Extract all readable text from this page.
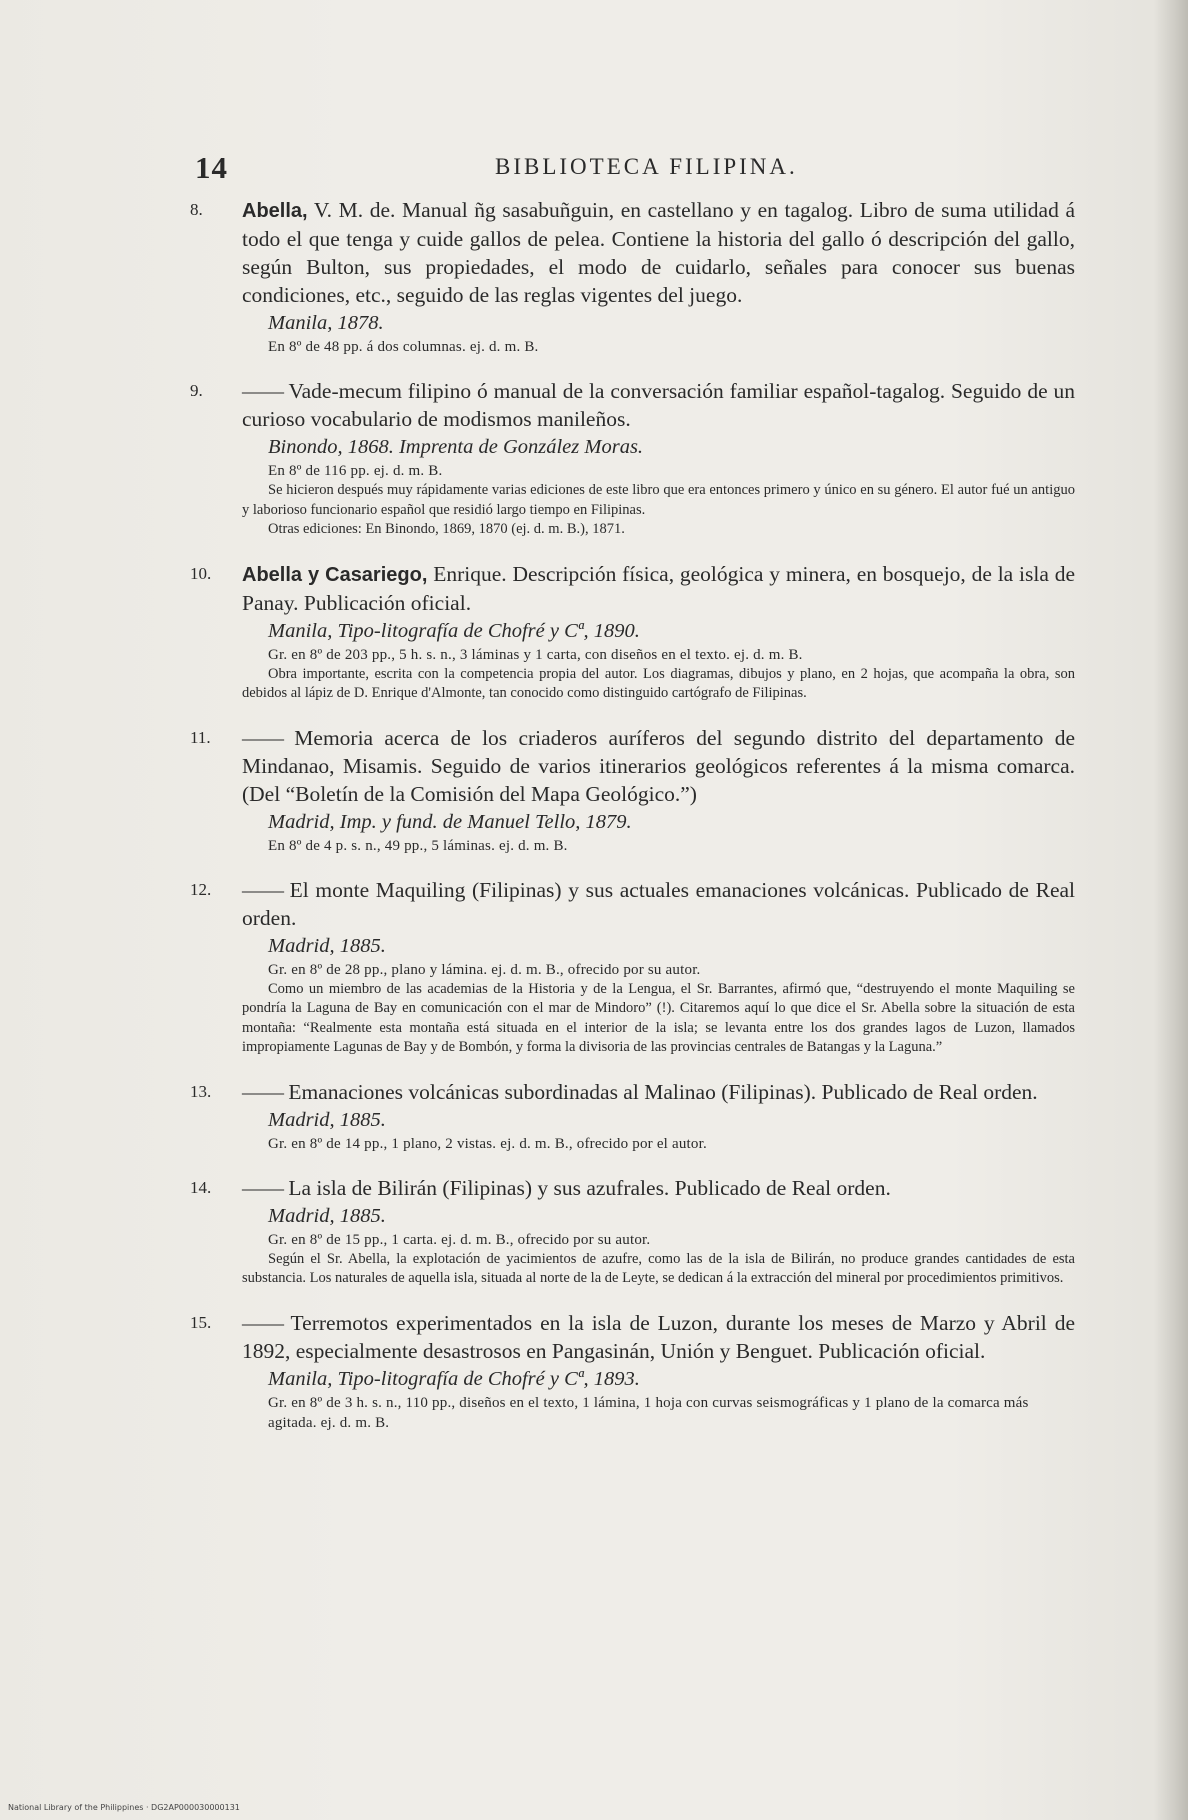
14	BIBLIOTECA FILIPINA.
8. Abella, V. M. de. Manual ñg sasabuñguin, en castellano y en tagalog. Libro de suma utilidad á todo el que tenga y cuide gallos de pelea. Contiene la historia del gallo ó descripción del gallo, según Bulton, sus propiedades, el modo de cuidarlo, señales para conocer sus buenas condiciones, etc., seguido de las reglas vigentes del juego.
Manila, 1878.
En 8º de 48 pp. á dos columnas. ej. d. m. B.
9. —— Vade-mecum filipino ó manual de la conversación familiar español-tagalog. Seguido de un curioso vocabulario de modismos manileños.
Binondo, 1868. Imprenta de González Moras.
En 8º de 116 pp. ej. d. m. B.
Se hicieron después muy rápidamente varias ediciones de este libro que era entonces primero y único en su género. El autor fué un antiguo y laborioso funcionario español que residió largo tiempo en Filipinas.
Otras ediciones: En Binondo, 1869, 1870 (ej. d. m. B.), 1871.
10. Abella y Casariego, Enrique. Descripción física, geológica y minera, en bosquejo, de la isla de Panay. Publicación oficial.
Manila, Tipo-litografía de Chofré y Cª, 1890.
Gr. en 8º de 203 pp., 5 h. s. n., 3 láminas y 1 carta, con diseños en el texto. ej. d. m. B.
Obra importante, escrita con la competencia propia del autor. Los diagramas, dibujos y plano, en 2 hojas, que acompaña la obra, son debidos al lápiz de D. Enrique d'Almonte, tan conocido como distinguido cartógrafo de Filipinas.
11. —— Memoria acerca de los criaderos auríferos del segundo distrito del departamento de Mindanao, Misamis. Seguido de varios itinerarios geológicos referentes á la misma comarca. (Del “Boletín de la Comisión del Mapa Geológico.”)
Madrid, Imp. y fund. de Manuel Tello, 1879.
En 8º de 4 p. s. n., 49 pp., 5 láminas. ej. d. m. B.
12. —— El monte Maquiling (Filipinas) y sus actuales emanaciones volcánicas. Publicado de Real orden.
Madrid, 1885.
Gr. en 8º de 28 pp., plano y lámina. ej. d. m. B., ofrecido por su autor.
Como un miembro de las academias de la Historia y de la Lengua, el Sr. Barrantes, afirmó que, “destruyendo el monte Maquiling se pondría la Laguna de Bay en comunicación con el mar de Mindoro” (!). Citaremos aquí lo que dice el Sr. Abella sobre la situación de esta montaña: “Realmente esta montaña está situada en el interior de la isla; se levanta entre los dos grandes lagos de Luzon, llamados impropiamente Lagunas de Bay y de Bombón, y forma la divisoria de las provincias centrales de Batangas y la Laguna.”
13. —— Emanaciones volcánicas subordinadas al Malinao (Filipinas). Publicado de Real orden.
Madrid, 1885.
Gr. en 8º de 14 pp., 1 plano, 2 vistas. ej. d. m. B., ofrecido por el autor.
14. —— La isla de Bilirán (Filipinas) y sus azufrales. Publicado de Real orden.
Madrid, 1885.
Gr. en 8º de 15 pp., 1 carta. ej. d. m. B., ofrecido por su autor.
Según el Sr. Abella, la explotación de yacimientos de azufre, como las de la isla de Bilirán, no produce grandes cantidades de esta substancia. Los naturales de aquella isla, situada al norte de la de Leyte, se dedican á la extracción del mineral por procedimientos primitivos.
15. —— Terremotos experimentados en la isla de Luzon, durante los meses de Marzo y Abril de 1892, especialmente desastrosos en Pangasinán, Unión y Benguet. Publicación oficial.
Manila, Tipo-litografía de Chofré y Cª, 1893.
Gr. en 8º de 3 h. s. n., 110 pp., diseños en el texto, 1 lámina, 1 hoja con curvas seismográficas y 1 plano de la comarca más agitada. ej. d. m. B.
National Library of the Philippines · DG2AP000030000131
